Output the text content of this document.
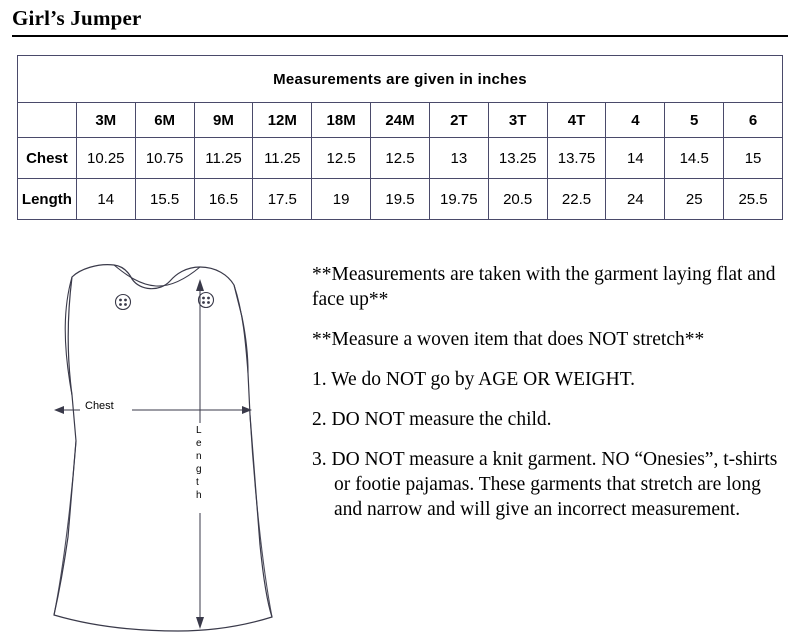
Girl’s Jumper
Measurements are given in inches												
	3M	6M	9M	12M	18M	24M	2T	3T	4T	4	5	6
Chest	10.25	10.75	11.25	11.25	12.5	12.5	13	13.25	13.75	14	14.5	15
Length	14	15.5	16.5	17.5	19	19.5	19.75	20.5	22.5	24	25	25.5
Chest
L e n g t h

**Measurements are taken with the garment laying flat and face up**

**Measure a woven item that does NOT stretch**

1. We do NOT go by AGE OR WEIGHT.
2. DO NOT measure the child.
3. DO NOT measure a knit garment. NO “Onesies”, t-shirts or footie pajamas. These garments that stretch are long and narrow and will give an incorrect measurement.
